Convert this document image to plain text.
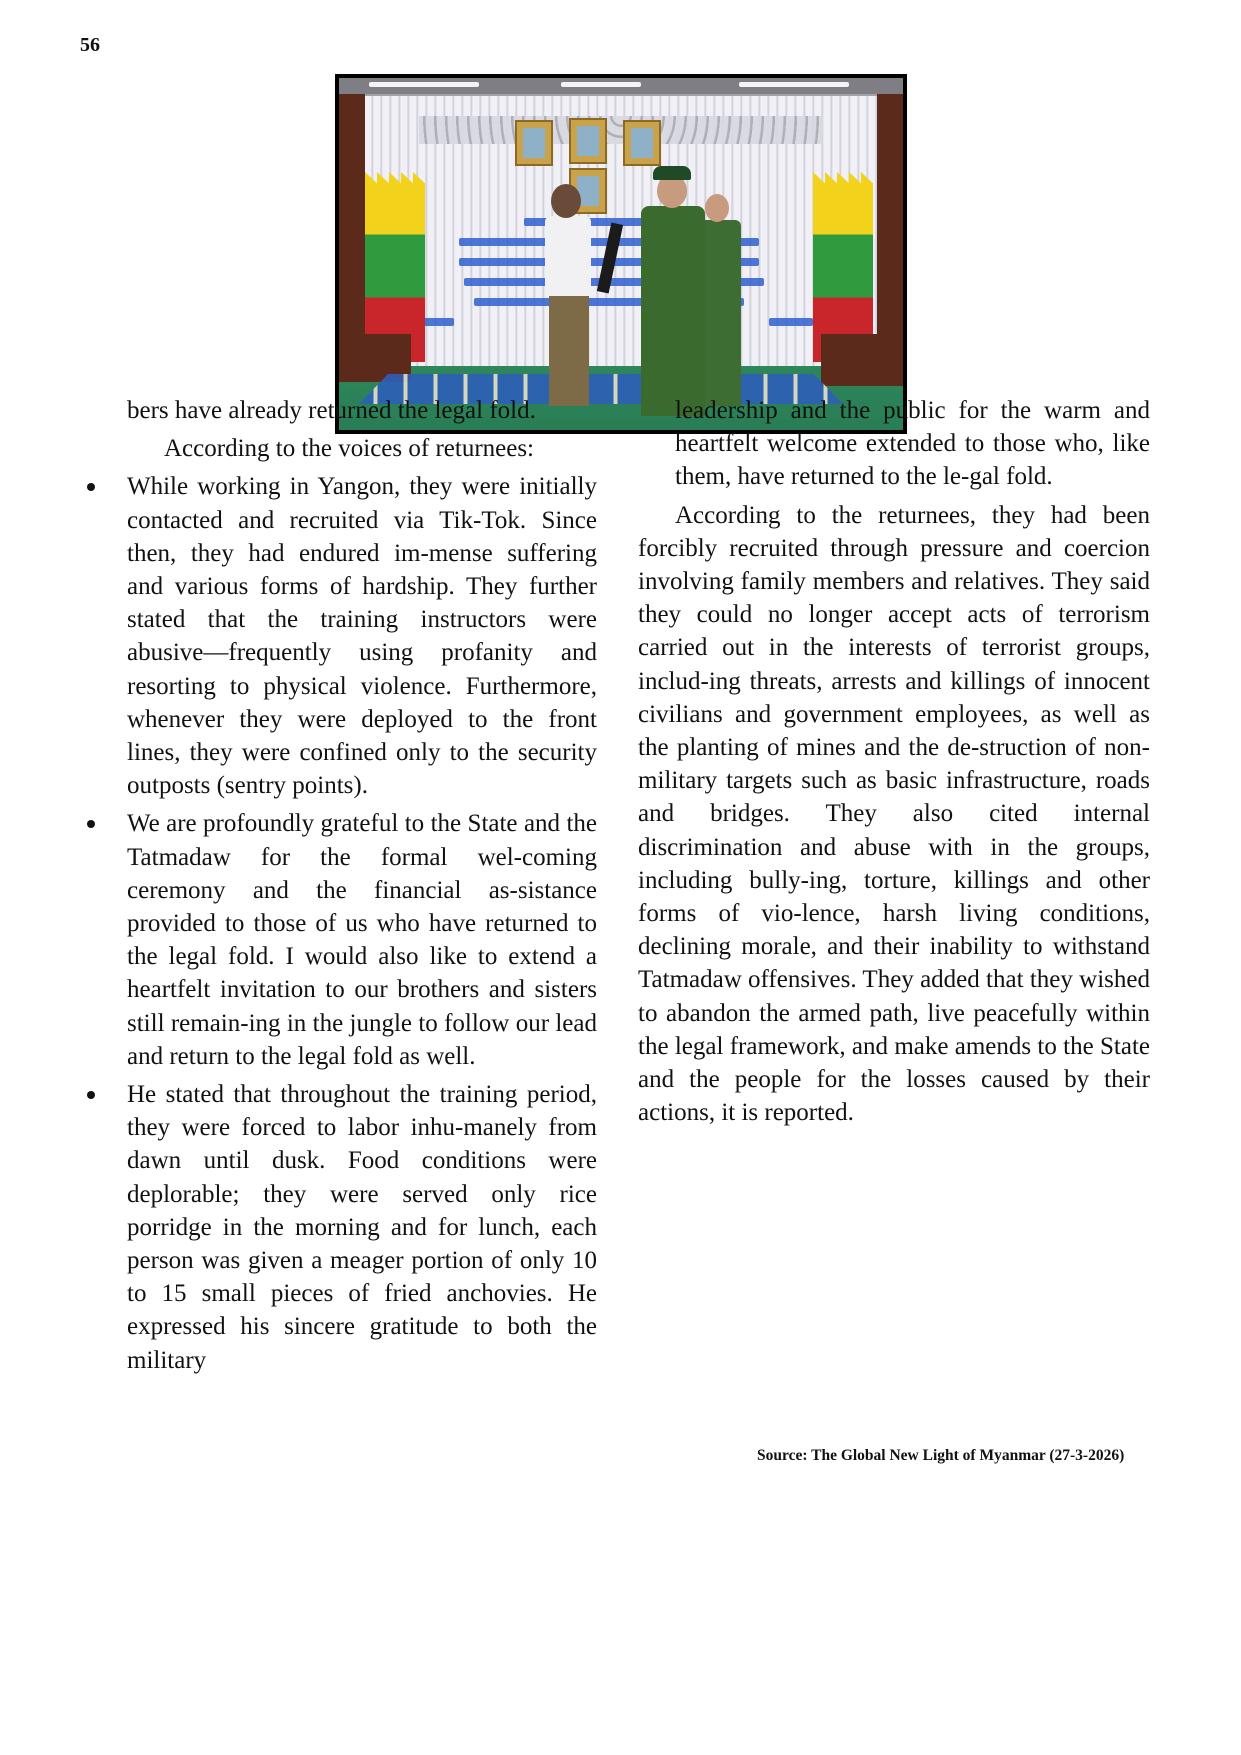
56

bers have already returned the legal fold.

According to the voices of returnees:

While working in Yangon, they were initially contacted and recruited via Tik-Tok. Since then, they had endured im-mense suffering and various forms of hardship. They further stated that the training instructors were abusive—frequently using profanity and resorting to physical violence. Furthermore, whenever they were deployed to the front lines, they were confined only to the security outposts (sentry points).
We are profoundly grateful to the State and the Tatmadaw for the formal wel-coming ceremony and the financial as-sistance provided to those of us who have returned to the legal fold. I would also like to extend a heartfelt invitation to our brothers and sisters still remain-ing in the jungle to follow our lead and return to the legal fold as well.
He stated that throughout the training period, they were forced to labor inhu-manely from dawn until dusk. Food conditions were deplorable; they were served only rice porridge in the morning and for lunch, each person was given a meager portion of only 10 to 15 small pieces of fried anchovies. He expressed his sincere gratitude to both the military

leadership and the public for the warm and heartfelt welcome extended to those who, like them, have returned to the le-gal fold.

According to the returnees, they had been forcibly recruited through pressure and coercion involving family members and relatives. They said they could no longer accept acts of terrorism carried out in the interests of terrorist groups, includ-ing threats, arrests and killings of innocent civilians and government employees, as well as the planting of mines and the de-struction of non-military targets such as basic infrastructure, roads and bridges. They also cited internal discrimination and abuse with in the groups, including bully-ing, torture, killings and other forms of vio-lence, harsh living conditions, declining morale, and their inability to withstand Tatmadaw offensives. They added that they wished to abandon the armed path, live peacefully within the legal framework, and make amends to the State and the people for the losses caused by their actions, it is reported.

Source: The Global New Light of Myanmar (27-3-2026)
